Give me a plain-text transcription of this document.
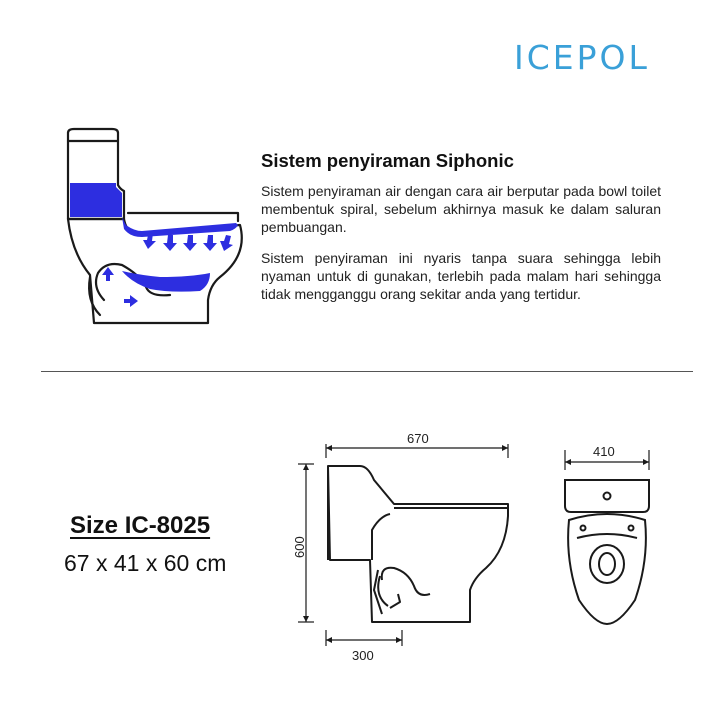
ICEPOL
Sistem penyiraman Siphonic

Sistem penyiraman air dengan cara air berputar pada bowl toilet membentuk spiral, sebelum akhirnya masuk ke dalam saluran pembuangan.

Sistem penyiraman ini nyaris tanpa suara sehingga lebih nyaman untuk di gunakan, terlebih pada malam hari sehingga tidak mengganggu orang sekitar anda yang tertidur.

Size IC-8025
67 x 41 x 60 cm
670
600
300
410
